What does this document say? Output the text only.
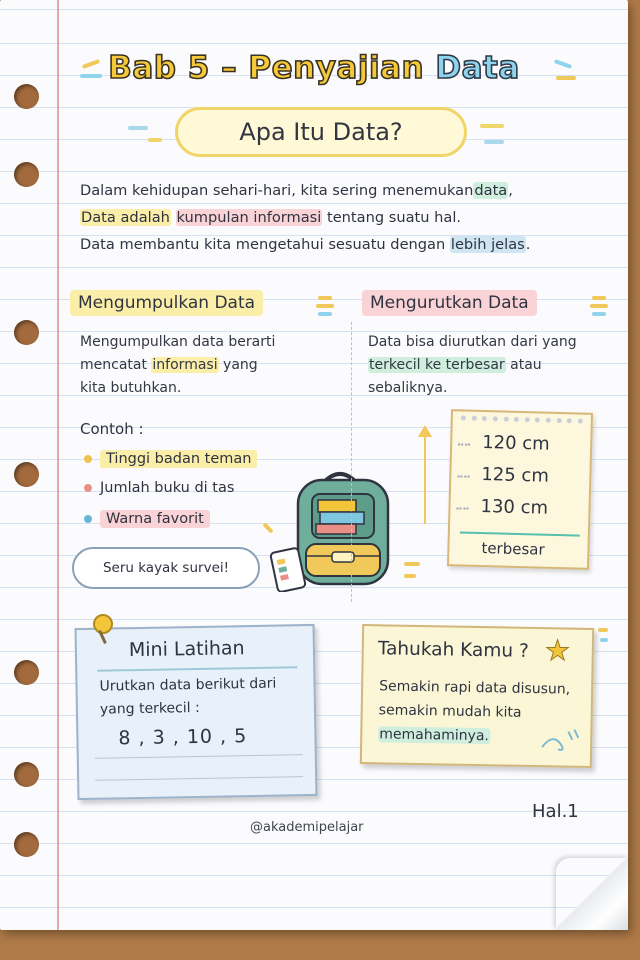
Bab 5 – Penyajian Data
Apa Itu Data?
Dalam kehidupan sehari-hari, kita sering menemukandata,
Data adalah kumpulan informasi tentang suatu hal.
Data membantu kita mengetahui sesuatu dengan lebih jelas.
Mengumpulkan Data
Mengumpulkan data berarti
mencatat informasi yang
kita butuhkan.
Contoh :
Tinggi badan teman
Jumlah buku di tas
Warna favorit
Seru kayak survei!
Mengurutkan Data
Data bisa diurutkan dari yang
terkecil ke terbesar atau
sebaliknya.
120 cm
125 cm
130 cm
terbesar
Mini Latihan
Urutkan data berikut dari
yang terkecil :
8 , 3 , 10 , 5
Tahukah Kamu ?
Semakin rapi data disusun,
semakin mudah kita
memahaminya.
★
@akademipelajar
Hal.1
